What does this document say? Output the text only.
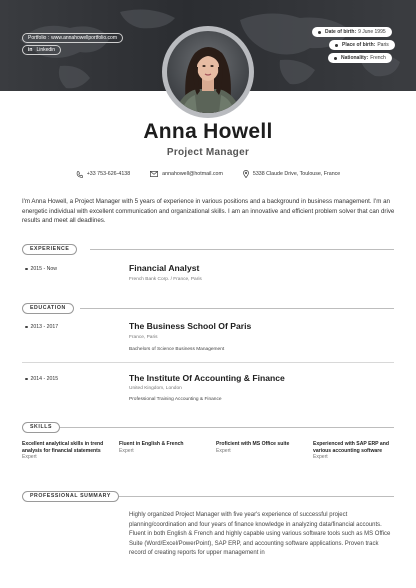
Portfolio : www.annahowellportfolio.com
in Linkedin
Date of birth: 9 June 1995
Place of birth: Paris
Nationality: French
Anna Howell
Project Manager
+33 753-626-4138	annahowell@hotmail.com	5338 Claude Drive, Toulouse, France
I'm Anna Howell, a Project Manager with 5 years of experience in various positions and a background in business management. I'm an energetic individual with excellent communication and organizational skills. I am an innovative and efficient problem solver that can drive results and meet all deadlines.
EXPERIENCE
2015 - Now	Financial Analyst
French Bank Corp. / France, Paris
EDUCATION
2013 - 2017	The Business School Of Paris
France, Paris
Bachelors of Science Business Management
2014 - 2015	The Institute Of Accounting & Finance
United Kingdom, London
Professional Training Accounting & Finance
SKILLS
Excellent analytical skills in trend analysis for financial statements
Expert
Fluent in English & French
Expert
Proficient with MS Office suite
Expert
Experienced with SAP ERP and various accounting software
Expert
PROFESSIONAL SUMMARY
Highly organized Project Manager with five year's experience of successful project planning/coordination and four years of finance knowledge in analyzing data/financial accounts. Fluent in both English & French and highly capable using various software tools such as MS Office Suite (Word/Excel/PowerPoint), SAP ERP, and accounting software applications. Proven track record of creating reports for upper management in
